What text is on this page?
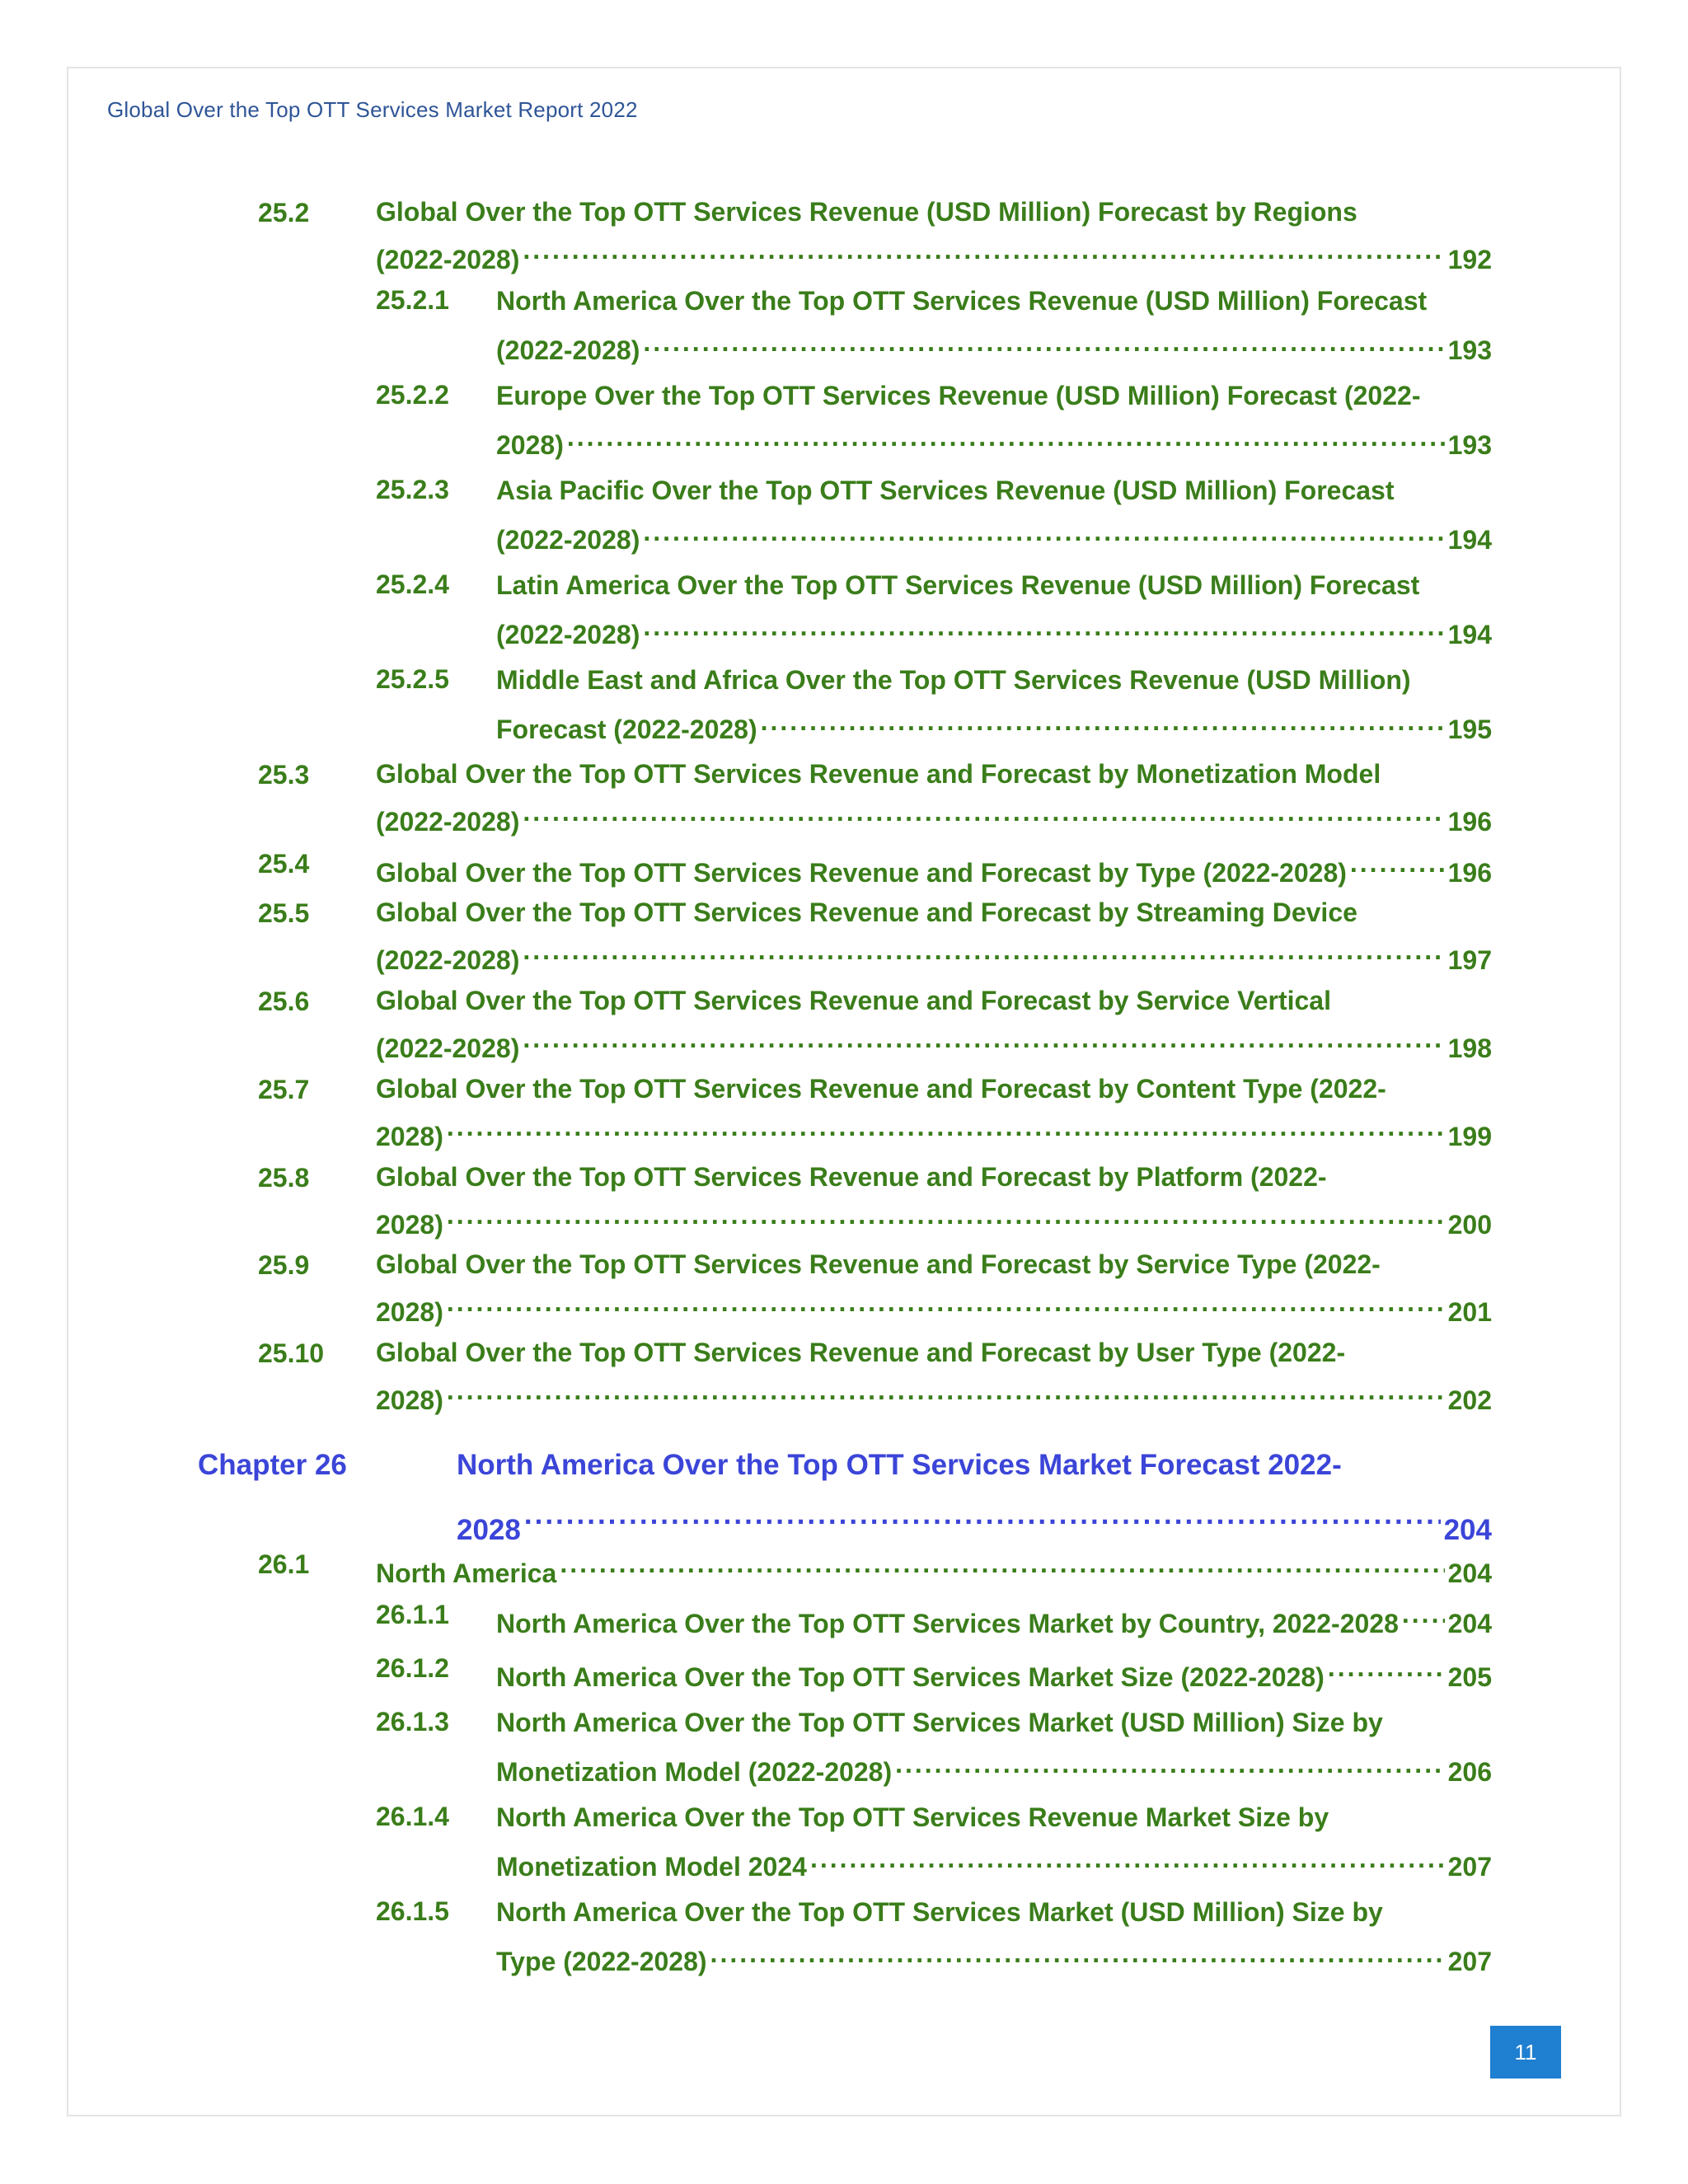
Global Over the Top OTT Services Market Report 2022
25.2	Global Over the Top OTT Services Revenue (USD Million) Forecast by Regions
(2022-2028) .....	192
25.2.1 North America Over the Top OTT Services Revenue (USD Million) Forecast
(2022-2028) .....	193
25.2.2 Europe Over the Top OTT Services Revenue (USD Million) Forecast (2022-
2028) .....	193
25.2.3 Asia Pacific Over the Top OTT Services Revenue (USD Million) Forecast
(2022-2028) .....	194
25.2.4 Latin America Over the Top OTT Services Revenue (USD Million) Forecast
(2022-2028) .....	194
25.2.5 Middle East and Africa Over the Top OTT Services Revenue (USD Million)
Forecast (2022-2028) .....	195
25.3	Global Over the Top OTT Services Revenue and Forecast by Monetization Model
(2022-2028) .....	196
25.4	Global Over the Top OTT Services Revenue and Forecast by Type (2022-2028) .....	196
25.5	Global Over the Top OTT Services Revenue and Forecast by Streaming Device
(2022-2028) .....	197
25.6	Global Over the Top OTT Services Revenue and Forecast by Service Vertical
(2022-2028) .....	198
25.7	Global Over the Top OTT Services Revenue and Forecast by Content Type (2022-
2028) .....	199
25.8	Global Over the Top OTT Services Revenue and Forecast by Platform (2022-
2028) .....	200
25.9	Global Over the Top OTT Services Revenue and Forecast by Service Type (2022-
2028) .....	201
25.10 Global Over the Top OTT Services Revenue and Forecast by User Type (2022-
2028) .....	202
Chapter 26	North America Over the Top OTT Services Market Forecast 2022-
2028 .....	204
26.1	North America .....	204
26.1.1 North America Over the Top OTT Services Market by Country, 2022-2028 ..... 204
26.1.2 North America Over the Top OTT Services Market Size (2022-2028) .....	205
26.1.3 North America Over the Top OTT Services Market (USD Million) Size by
Monetization Model (2022-2028) .....	206
26.1.4 North America Over the Top OTT Services Revenue Market Size by
Monetization Model 2024 .....	207
26.1.5 North America Over the Top OTT Services Market (USD Million) Size by
Type (2022-2028) .....	207
11
